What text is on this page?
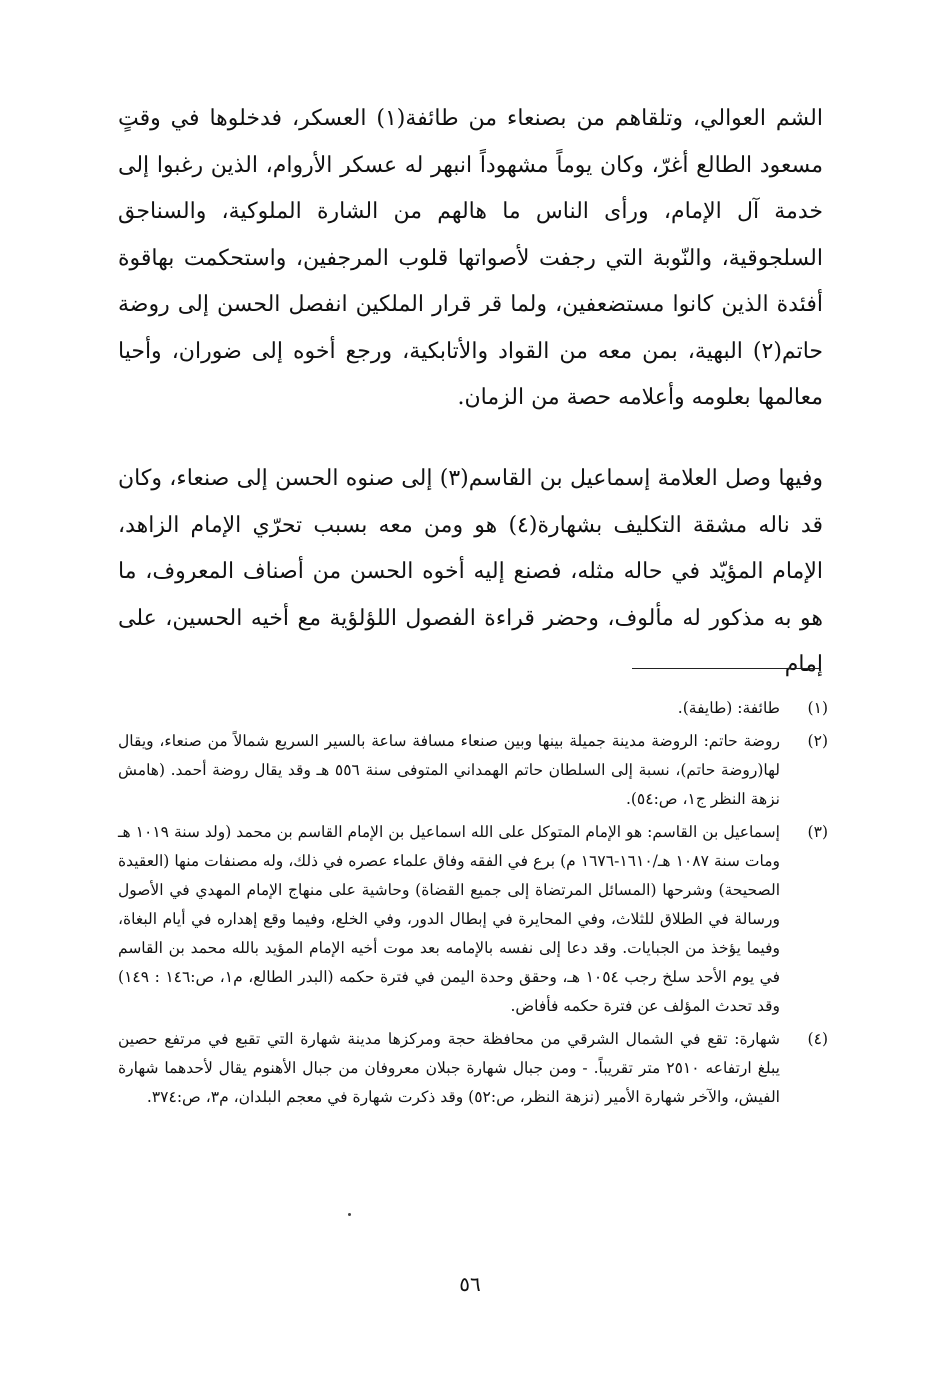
الشم العوالي، وتلقاهم من بصنعاء من طائفة(١) العسكر، فدخلوها في وقتٍ مسعود الطالع أغرّ، وكان يوماً مشهوداً انبهر له عسكر الأروام، الذين رغبوا إلى خدمة آل الإمام، ورأى الناس ما هالهم من الشارة الملوكية، والسناجق السلجوقية، والنّوبة التي رجفت لأصواتها قلوب المرجفين، واستحكمت بهاقوة أفئدة الذين كانوا مستضعفين، ولما قر قرار الملكين انفصل الحسن إلى روضة حاتم(٢) البهية، بمن معه من القواد والأتابكية، ورجع أخوه إلى ضوران، وأحيا معالمها بعلومه وأعلامه حصة من الزمان.

وفيها وصل العلامة إسماعيل بن القاسم(٣) إلى صنوه الحسن إلى صنعاء، وكان قد ناله مشقة التكليف بشهارة(٤) هو ومن معه بسبب تحرّي الإمام الزاهد، الإمام المؤيّد في حاله مثله، فصنع إليه أخوه الحسن من أصناف المعروف، ما هو به مذكور له مألوف، وحضر قراءة الفصول اللؤلؤية مع أخيه الحسين، على إمام

(١)
طائفة: (طايفة).
(٢)
روضة حاتم: الروضة مدينة جميلة بينها وبين صنعاء مسافة ساعة بالسير السريع شمالاً من صنعاء، ويقال لها(روضة حاتم)، نسبة إلى السلطان حاتم الهمداني المتوفى سنة ٥٥٦ هـ وقد يقال روضة أحمد. (هامش نزهة النظر ج١، ص:٥٤).
(٣)
إسماعيل بن القاسم: هو الإمام المتوكل على الله اسماعيل بن الإمام القاسم بن محمد (ولد سنة ١٠١٩ هـ ومات سنة ١٠٨٧ هـ/١٦١٠-١٦٧٦ م) برع في الفقه وفاق علماء عصره في ذلك، وله مصنفات منها (العقيدة الصحيحة) وشرحها (المسائل المرتضاة إلى جميع القضاة) وحاشية على منهاج الإمام المهدي في الأصول ورسالة في الطلاق للثلاث، وفي المحايرة في إبطال الدور، وفي الخلع، وفيما وقع إهداره في أيام البغاة، وفيما يؤخذ من الجبايات. وقد دعا إلى نفسه بالإمامه بعد موت أخيه الإمام المؤيد بالله محمد بن القاسم في يوم الأحد سلخ رجب ١٠٥٤ هـ، وحقق وحدة اليمن في فترة حكمه (البدر الطالع، م١، ص:١٤٦ : ١٤٩) وقد تحدث المؤلف عن فترة حكمه فأفاض.
(٤)
شهارة: تقع في الشمال الشرقي من محافظة حجة ومركزها مدينة شهارة التي تقبع في مرتفع حصين يبلغ ارتفاعه ٢٥١٠ متر تقريباً. - ومن جبال شهارة جبلان معروفان من جبال الأهنوم يقال لأحدهما شهارة الفيش، والآخر شهارة الأمير (نزهة النظر، ص:٥٢) وقد ذكرت شهارة في معجم البلدان، م٣، ص:٣٧٤.
٥٦
